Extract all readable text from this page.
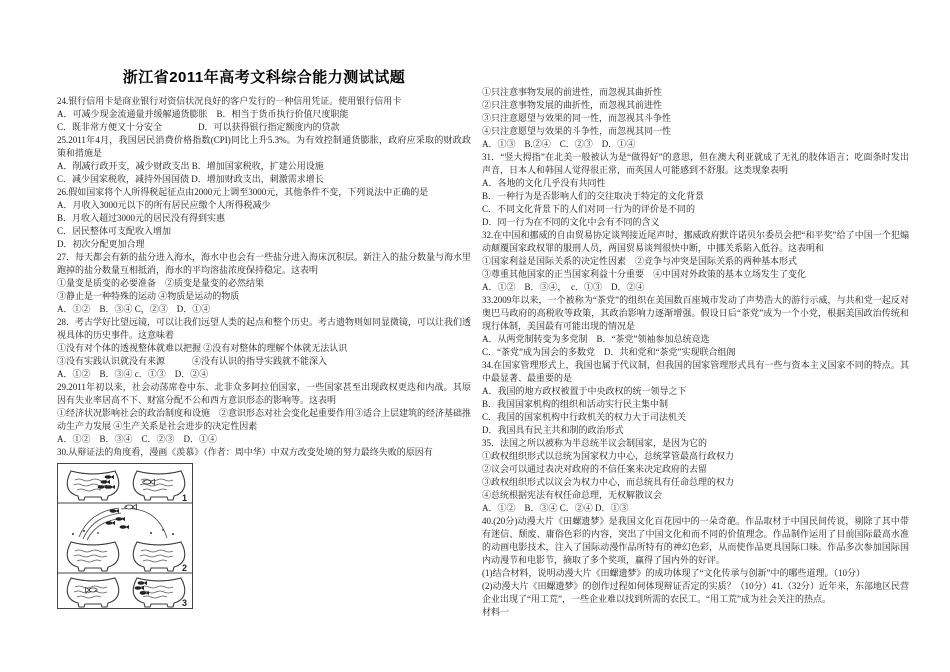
浙江省2011年高考文科综合能力测试试题
24.银行信用卡是商业银行对资信状况良好的客户发行的一种信用凭证。使用银行信用卡
A．可减少现金流通量并缓解通货膨胀　B．相当于货币执行价值尺度职能
C．既非常方便又十分安全　　　　D．可以获得银行指定额度内的贷款
25.2011年4月，我国居民消费价格指数(CPI)同比上升5.3%。为有效控制通货膨胀，政府应采取的财政政策和措施是
A．削减行政开支，减少财政支出 B．增加国家税收，扩建公用设施
C．减少国家税收，减持外国国债 D．增加财政支出，刺激需求增长
26.假如国家将个人所得税起征点由2000元上调至3000元，其他条件不变，下列说法中正确的是
A．月收入3000元以下的所有居民应缴个人所得税减少
B．月收入超过3000元的居民没有得到实惠
C．居民整体可支配收入增加
D．初次分配更加合理
27．每天都会有新的盐分进入海水，海水中也会有一些盐分进入海床沉积层。新注入的盐分数量与海水里跑掉的盐分数量互相抵消，海水的平均溶盐浓度保持稳定。这表明
①量变是质变的必要准备　②质变是量变的必然结果
③静止是一种特殊的运动 ④物质是运动的物质
A．①②　B．③④ C，②③　D．①④
28．考古学好比望远镜，可以让我们远望人类的起点和整个历史。考古遗物则如同显微镜，可以让我们透视具体的历史事件。这意味着
①没有对个体的透视整体就难以把握 ②没有对整体的理解个体就无法认识
③没有实践认识就没有来源　　　④没有认识的指导实践就不能深入
A．①②　B．③④ c．①③　D．②④
29.2011年初以来，社会动荡席卷中东、北非众多阿拉伯国家，一些国家甚至出现政权更迭和内战。其原因有失业率居高不下、财富分配不公和西方意识形态的影响等。这表明
①经济状况影响社会的政治制度和设施　②意识形态对社会变化起重要作用③适合上层建筑的经济基础推动生产力发展 ④生产关系是社会进步的决定性因素
A．①②　B．③④　C．②③　D．①④
30.从辩证法的角度看，漫画《羡慕》（作者：周中华）中双方改变处境的努力最终失败的原因有
1
2
3
①只注意事物发展的前进性，而忽视其曲折性
②只注意事物发展的曲折性，而忽视其前进性
③只注意愿望与效果的同一性，而忽视其斗争性
④只注意愿望与效果的斗争性，而忽视其同一性
A．①③　B.②④　C．②③　D．①④
31．“竖大拇指”在北美一般被认为是“做得好”的意思，但在澳大利亚就成了无礼的肢体语言；吃面条时发出声音，日本人和韩国人觉得很正常，而英国人可能感到不舒服。这类现象表明
A．各地的文化几乎没有共同性
B．一种行为是否影响人们的交往取决于特定的文化背景
C．不同文化背景下的人们对同一行为的评价是不同的
D．同一行为在不同的文化中会有不同的含义
32.在中国和挪威的自由贸易协定谈判接近尾声时，挪威政府默许诺贝尔委员会把“和平奖”给了中国一个犯煽动颠覆国家政权罪的服刑人员，两国贸易谈判很快中断，中挪关系陷入低谷。这表明和
①国家利益是国际关系的决定性因素　②竞争与冲突是国际关系的两种基本形式
③尊重其他国家的正当国家利益十分重要　④中国对外政策的基本立场发生了变化
A．①②　B．③④，　c．①③　D．②④
33.2009年以来，一个被称为“茶党”的组织在美国数百座城市发动了声势浩大的游行示威，与共和党一起反对奥巴马政府的高税收等政策，其政治影响力逐渐增强。假设日后“茶党”成为一个小党，根据美国政治传统和现行体制，美国最有可能出现的情况是
A．从两党制转变为多党制　B．“茶党”领袖参加总统竞选
C．“茶党”成为国会的多数党　D．共和党和“茶党”实现联合组阁
34.在国家管理形式上，我国也属于代议制，但我国的国家管理形式具有一些与资本主义国家不同的特点。其中最显著、最重要的是
A．我国的地方政权被置于中央政权的统一领导之下
B．我国国家机构的组织和活动实行民主集中制
C．我国的国家机构中行政机关的权力大于司法机关
D．我国具有民主共和制的政治形式
35．法国之所以被称为半总统半议会制国家，是因为它的
①政权组织形式以总统为国家权力中心，总统掌管最高行政权力
②议会可以通过表决对政府的不信任案来决定政府的去留
③政权组织形式以议会为权力中心，而总统具有任命总理的权力
④总统根据宪法有权任命总理，无权解散议会
A．①②　B．③④ C．②④ D．①③
40.(20分)动漫大片《田螺遗梦》是我国文化百花园中的一朵奇葩。作品取材于中国民间传说，剔除了其中带有迷信、颓废、庸俗色彩的内容，突出了中国文化和而不同的价值理念。作品制作运用了目前国际最高水准的动画电影技术，注入了国际动漫作品所特有的神幻色彩，从而使作品更具国际口味。作品多次参加国际国内动漫节和电影节，摘取了多个奖项，赢得了国内外的好评。
(1)结合材料，说明动漫大片《田螺遗梦》的成功体现了“文化传承与创新”中的哪些道理。（10分）
(2)动漫大片《田螺遗梦》的创作过程如何体现辩证否定的实质？（10分）41.（32分）近年来，东部地区民营企业出现了“用工荒”，一些企业难以找到所需的农民工。“用工荒”成为社会关注的热点。
材料一
